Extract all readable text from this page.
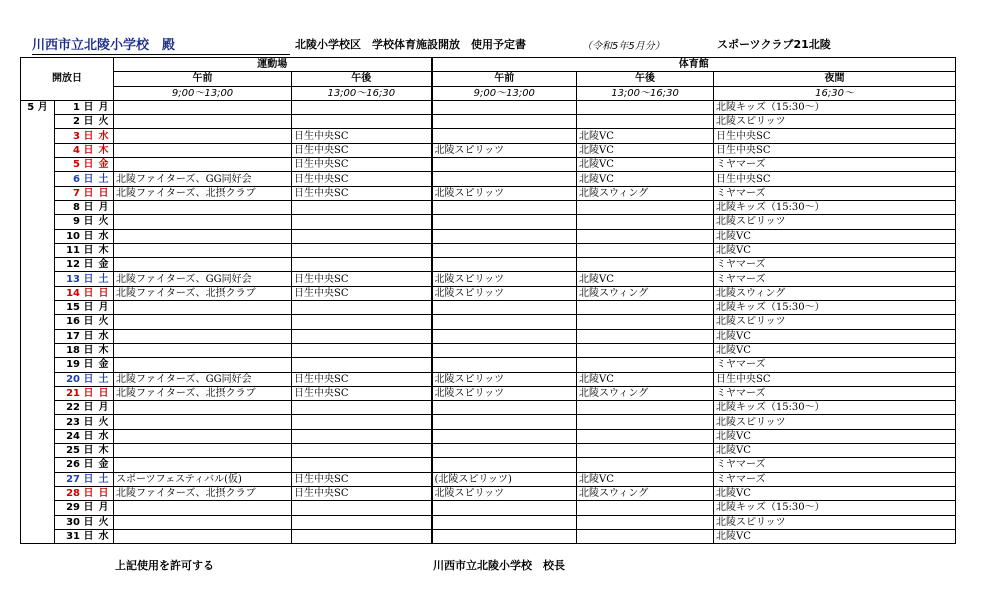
川西市立北陵小学校　殿	北陵小学校区　学校体育施設開放　使用予定書	（令和5年5月分）	スポーツクラブ21北陵
開放日			運動場		体育館		
			午前	午後	午前	午後	夜間
			9;00～13;00	13;00～16;30	9;00～13;00	13;00～16;30	16;30～
5 月	1 日	月					北陵キッズ（15:30～）
	2 日	火					北陵スピリッツ
	3 日	水		日生中央SC		北陵VC	日生中央SC
	4 日	木		日生中央SC	北陵スピリッツ	北陵VC	日生中央SC
	5 日	金		日生中央SC		北陵VC	ミヤマーズ
	6 日	土	北陵ファイターズ、GG同好会	日生中央SC		北陵VC	日生中央SC
	7 日	日	北陵ファイターズ、北摂クラブ	日生中央SC	北陵スピリッツ	北陵スウィング	ミヤマーズ
	8 日	月					北陵キッズ（15:30～）
	9 日	火					北陵スピリッツ
	10 日	水					北陵VC
	11 日	木					北陵VC
	12 日	金					ミヤマーズ
	13 日	土	北陵ファイターズ、GG同好会	日生中央SC	北陵スピリッツ	北陵VC	ミヤマーズ
	14 日	日	北陵ファイターズ、北摂クラブ	日生中央SC	北陵スピリッツ	北陵スウィング	北陵スウィング
	15 日	月					北陵キッズ（15:30～）
	16 日	火					北陵スピリッツ
	17 日	水					北陵VC
	18 日	木					北陵VC
	19 日	金					ミヤマーズ
	20 日	土	北陵ファイターズ、GG同好会	日生中央SC	北陵スピリッツ	北陵VC	日生中央SC
	21 日	日	北陵ファイターズ、北摂クラブ	日生中央SC	北陵スピリッツ	北陵スウィング	ミヤマーズ
	22 日	月					北陵キッズ（15:30～）
	23 日	火					北陵スピリッツ
	24 日	水					北陵VC
	25 日	木					北陵VC
	26 日	金					ミヤマーズ
	27 日	土	スポーツフェスティバル(仮)	日生中央SC	(北陵スピリッツ)	北陵VC	ミヤマーズ
	28 日	日	北陵ファイターズ、北摂クラブ	日生中央SC	北陵スピリッツ	北陵スウィング	北陵VC
	29 日	月					北陵キッズ（15:30～）
	30 日	火					北陵スピリッツ
	31 日	水					北陵VC
上記使用を許可する	川西市立北陵小学校　校長
